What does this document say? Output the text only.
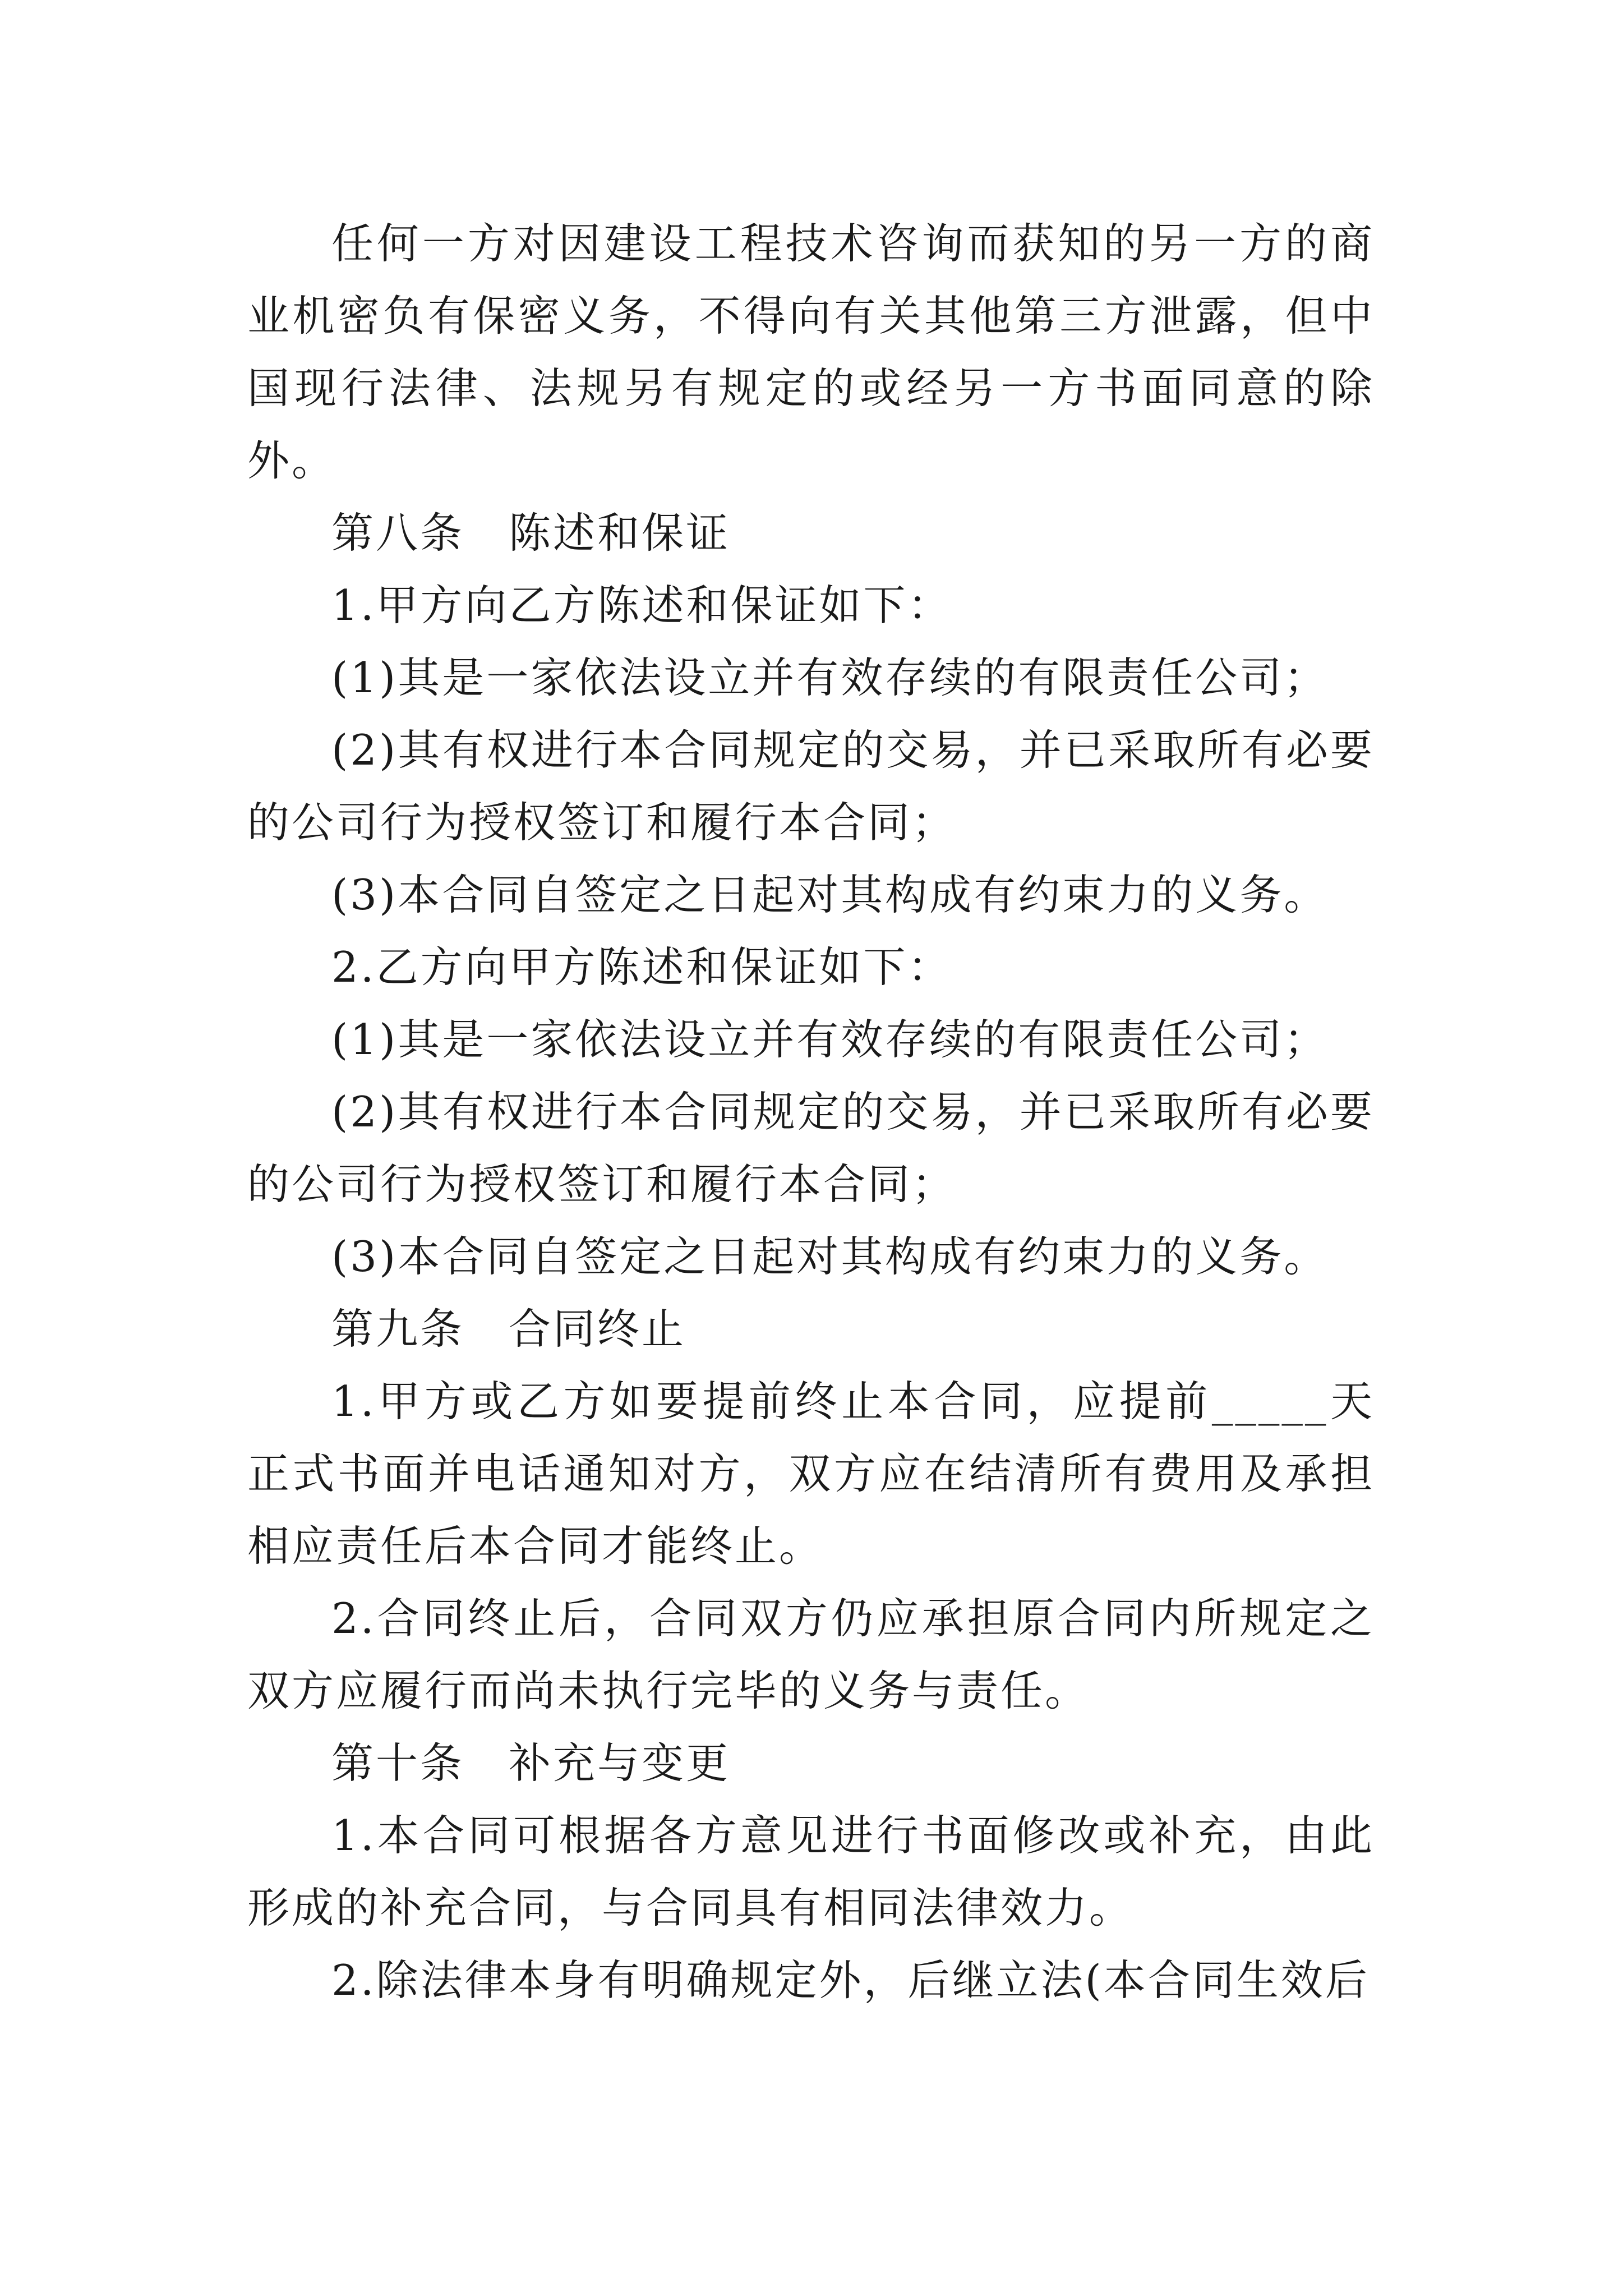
任何一方对因建设工程技术咨询而获知的另一方的商业机密负有保密义务，不得向有关其他第三方泄露，但中国现行法律、法规另有规定的或经另一方书面同意的除外。

第八条　陈述和保证

1.甲方向乙方陈述和保证如下：

(1)其是一家依法设立并有效存续的有限责任公司；

(2)其有权进行本合同规定的交易，并已采取所有必要的公司行为授权签订和履行本合同；

(3)本合同自签定之日起对其构成有约束力的义务。

2.乙方向甲方陈述和保证如下：

(1)其是一家依法设立并有效存续的有限责任公司；

(2)其有权进行本合同规定的交易，并已采取所有必要的公司行为授权签订和履行本合同；

(3)本合同自签定之日起对其构成有约束力的义务。

第九条　合同终止

1.甲方或乙方如要提前终止本合同，应提前_____天正式书面并电话通知对方，双方应在结清所有费用及承担相应责任后本合同才能终止。

2.合同终止后，合同双方仍应承担原合同内所规定之双方应履行而尚未执行完毕的义务与责任。

第十条　补充与变更

1.本合同可根据各方意见进行书面修改或补充，由此形成的补充合同，与合同具有相同法律效力。

2.除法律本身有明确规定外，后继立法(本合同生效后
